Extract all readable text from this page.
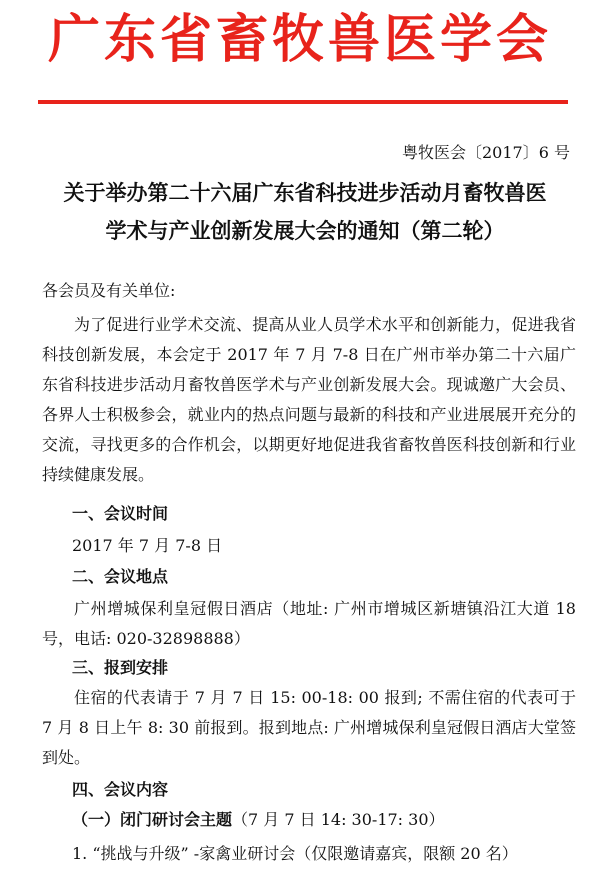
广东省畜牧兽医学会
粤牧医会〔2017〕6 号
关于举办第二十六届广东省科技进步活动月畜牧兽医
学术与产业创新发展大会的通知（第二轮）
各会员及有关单位:
为了促进行业学术交流、提高从业人员学术水平和创新能力，促进我省科技创新发展，本会定于 2017 年 7 月 7-8 日在广州市举办第二十六届广东省科技进步活动月畜牧兽医学术与产业创新发展大会。现诚邀广大会员、各界人士积极参会，就业内的热点问题与最新的科技和产业进展展开充分的交流，寻找更多的合作机会，以期更好地促进我省畜牧兽医科技创新和行业持续健康发展。
一、会议时间
2017 年 7 月 7-8 日
二、会议地点
广州增城保利皇冠假日酒店（地址: 广州市增城区新塘镇沿江大道 18 号，电话: 020-32898888）
三、报到安排
住宿的代表请于 7 月 7 日 15: 00-18: 00 报到; 不需住宿的代表可于 7 月 8 日上午 8: 30 前报到。报到地点: 广州增城保利皇冠假日酒店大堂签到处。
四、会议内容
（一）闭门研讨会主题（7 月 7 日 14: 30-17: 30）
1. “挑战与升级” -家禽业研讨会（仅限邀请嘉宾，限额 20 名）
